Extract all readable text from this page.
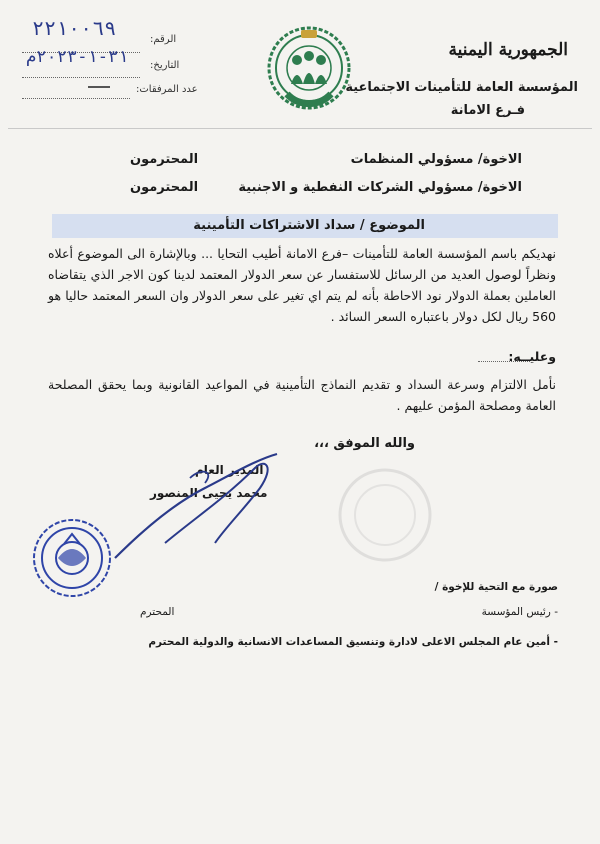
الجمهورية اليمنية
المؤسسة العامة للتأمينات الاجتماعية
فـرع الامانة
٢٢١٠٠٦٩	الرقم:
٣١-١-٢٠٢٣م التاريخ:
عدد المرفقات:
الاخوة/ مسؤولي المنظمات
المحترمون
الاخوة/ مسؤولي الشركات النفطية و الاجنبية
المحترمون
الموضوع / سداد الاشتراكات التأمينية
نهديكم باسم المؤسسة العامة للتأمينات –فرع الامانة أطيب التحايا ... وبالإشارة الى الموضوع أعلاه ونظراً لوصول العديد من الرسائل للاستفسار عن سعر الدولار المعتمد لدينا كون الاجر الذي يتقاضاه العاملين بعملة الدولار نود الاحاطة بأنه لم يتم اي تغير على سعر الدولار وان السعر المعتمد حاليا هو 560 ريال لكل دولار باعتباره السعر السائد .
وعليــه:
نأمل الالتزام وسرعة السداد و تقديم النماذج التأمينية في المواعيد القانونية وبما يحقق المصلحة العامة ومصلحة المؤمن عليهم .
والله الموفق ،،،
المدير العام
محمد يحيى المنصور
صورة مع التحية للإخوة /
- رئيس المؤسسة
المحترم
- أمين عام المجلس الاعلى لادارة وتنسيق المساعدات الانسانية والدولية المحترم
